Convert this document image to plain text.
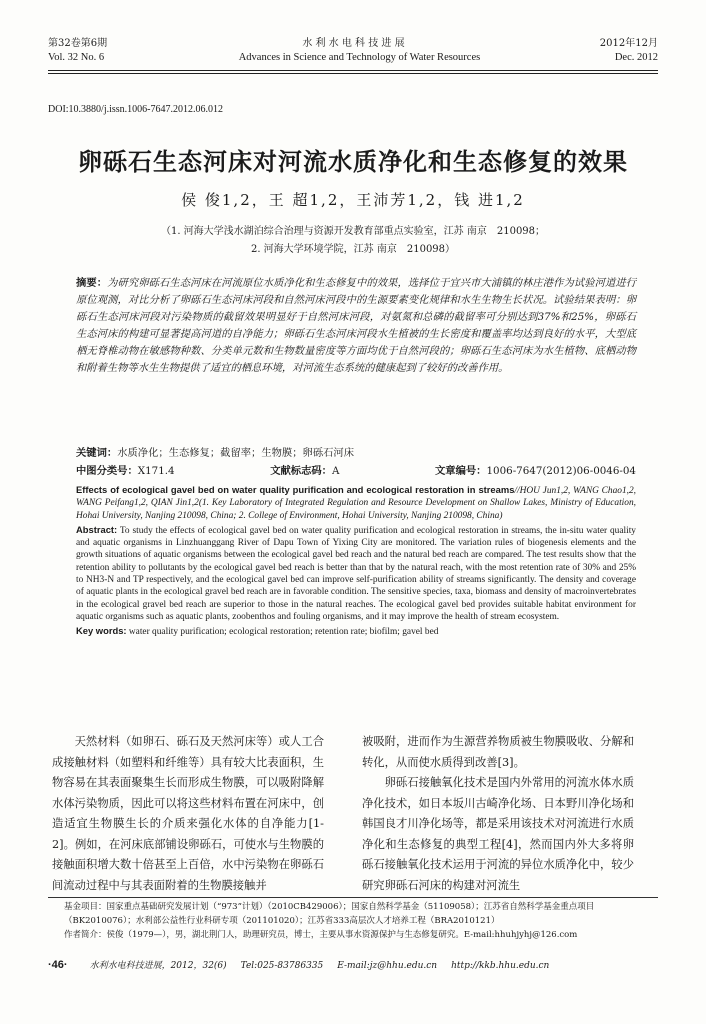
第32卷第6期	水 利 水 电 科 技 进 展	2012年12月
Vol. 32 No. 6	Advances in Science and Technology of Water Resources	Dec. 2012
DOI:10.3880/j.issn.1006-7647.2012.06.012
卵砾石生态河床对河流水质净化和生态修复的效果
侯 俊1,2，王 超1,2，王沛芳1,2，钱 进1,2
（1. 河海大学浅水湖泊综合治理与资源开发教育部重点实验室，江苏 南京　210098；
2. 河海大学环境学院，江苏 南京　210098）
摘要：为研究卵砾石生态河床在河流原位水质净化和生态修复中的效果，选择位于宜兴市大浦镇的林庄港作为试验河道进行原位观测，对比分析了卵砾石生态河床河段和自然河床河段中的生源要素变化规律和水生生物生长状况。试验结果表明：卵砾石生态河床河段对污染物质的截留效果明显好于自然河床河段，对氨氮和总磷的截留率可分别达到37%和25%，卵砾石生态河床的构建可显著提高河道的自净能力；卵砾石生态河床河段水生植被的生长密度和覆盖率均达到良好的水平，大型底栖无脊椎动物在敏感物种数、分类单元数和生物数量密度等方面均优于自然河段的；卵砾石生态河床为水生植物、底栖动物和附着生物等水生生物提供了适宜的栖息环境，对河流生态系统的健康起到了较好的改善作用。
关键词：水质净化；生态修复；截留率；生物膜；卵砾石河床
中图分类号：X171.4	文献标志码：A	文章编号：1006-7647(2012)06-0046-04

Effects of ecological gavel bed on water quality purification and ecological restoration in streams//HOU Jun1,2, WANG Chao1,2, WANG Peifang1,2, QIAN Jin1,2(1. Key Laboratory of Integrated Regulation and Resource Development on Shallow Lakes, Ministry of Education, Hohai University, Nanjing 210098, China; 2. College of Environment, Hohai University, Nanjing 210098, China)

Abstract: To study the effects of ecological gavel bed on water quality purification and ecological restoration in streams, the in-situ water quality and aquatic organisms in Linzhuanggang River of Dapu Town of Yixing City are monitored. The variation rules of biogenesis elements and the growth situations of aquatic organisms between the ecological gavel bed reach and the natural bed reach are compared. The test results show that the retention ability to pollutants by the ecological gavel bed reach is better than that by the natural reach, with the most retention rate of 30% and 25% to NH3-N and TP respectively, and the ecological gavel bed can improve self-purification ability of streams significantly. The density and coverage of aquatic plants in the ecological gravel bed reach are in favorable condition. The sensitive species, taxa, biomass and density of macroinvertebrates in the ecological gravel bed reach are superior to those in the natural reaches. The ecological gavel bed provides suitable habitat environment for aquatic organisms such as aquatic plants, zoobenthos and fouling organisms, and it may improve the health of stream ecosystem.

Key words: water quality purification; ecological restoration; retention rate; biofilm; gavel bed

天然材料（如卵石、砾石及天然河床等）或人工合成接触材料（如塑料和纤维等）具有较大比表面积，生物容易在其表面聚集生长而形成生物膜，可以吸附降解水体污染物质，因此可以将这些材料布置在河床中，创造适宜生物膜生长的介质来强化水体的自净能力[1-2]。例如，在河床底部铺设卵砾石，可使水与生物膜的接触面积增大数十倍甚至上百倍，水中污染物在卵砾石间流动过程中与其表面附着的生物膜接触并

被吸附，进而作为生源营养物质被生物膜吸收、分解和转化，从而使水质得到改善[3]。

卵砾石接触氧化技术是国内外常用的河流水体水质净化技术，如日本坂川古崎净化场、日本野川净化场和韩国良才川净化场等，都是采用该技术对河流进行水质净化和生态修复的典型工程[4]，然而国内外大多将卵砾石接触氧化技术运用于河流的异位水质净化中，较少研究卵砾石河床的构建对河流生

基金项目：国家重点基础研究发展计划（“973”计划）（2010CB429006）；国家自然科学基金（51109058）；江苏省自然科学基金重点项目（BK2010076）；水利部公益性行业科研专项（201101020）；江苏省333高层次人才培养工程（BRA2010121）
作者简介：侯俊（1979—），男，湖北荆门人，助理研究员，博士，主要从事水资源保护与生态修复研究。E-mail:hhuhjyhj@126.com
·46· 水利水电科技进展，2012，32(6) Tel:025-83786335 E-mail:jz@hhu.edu.cn http://kkb.hhu.edu.cn
